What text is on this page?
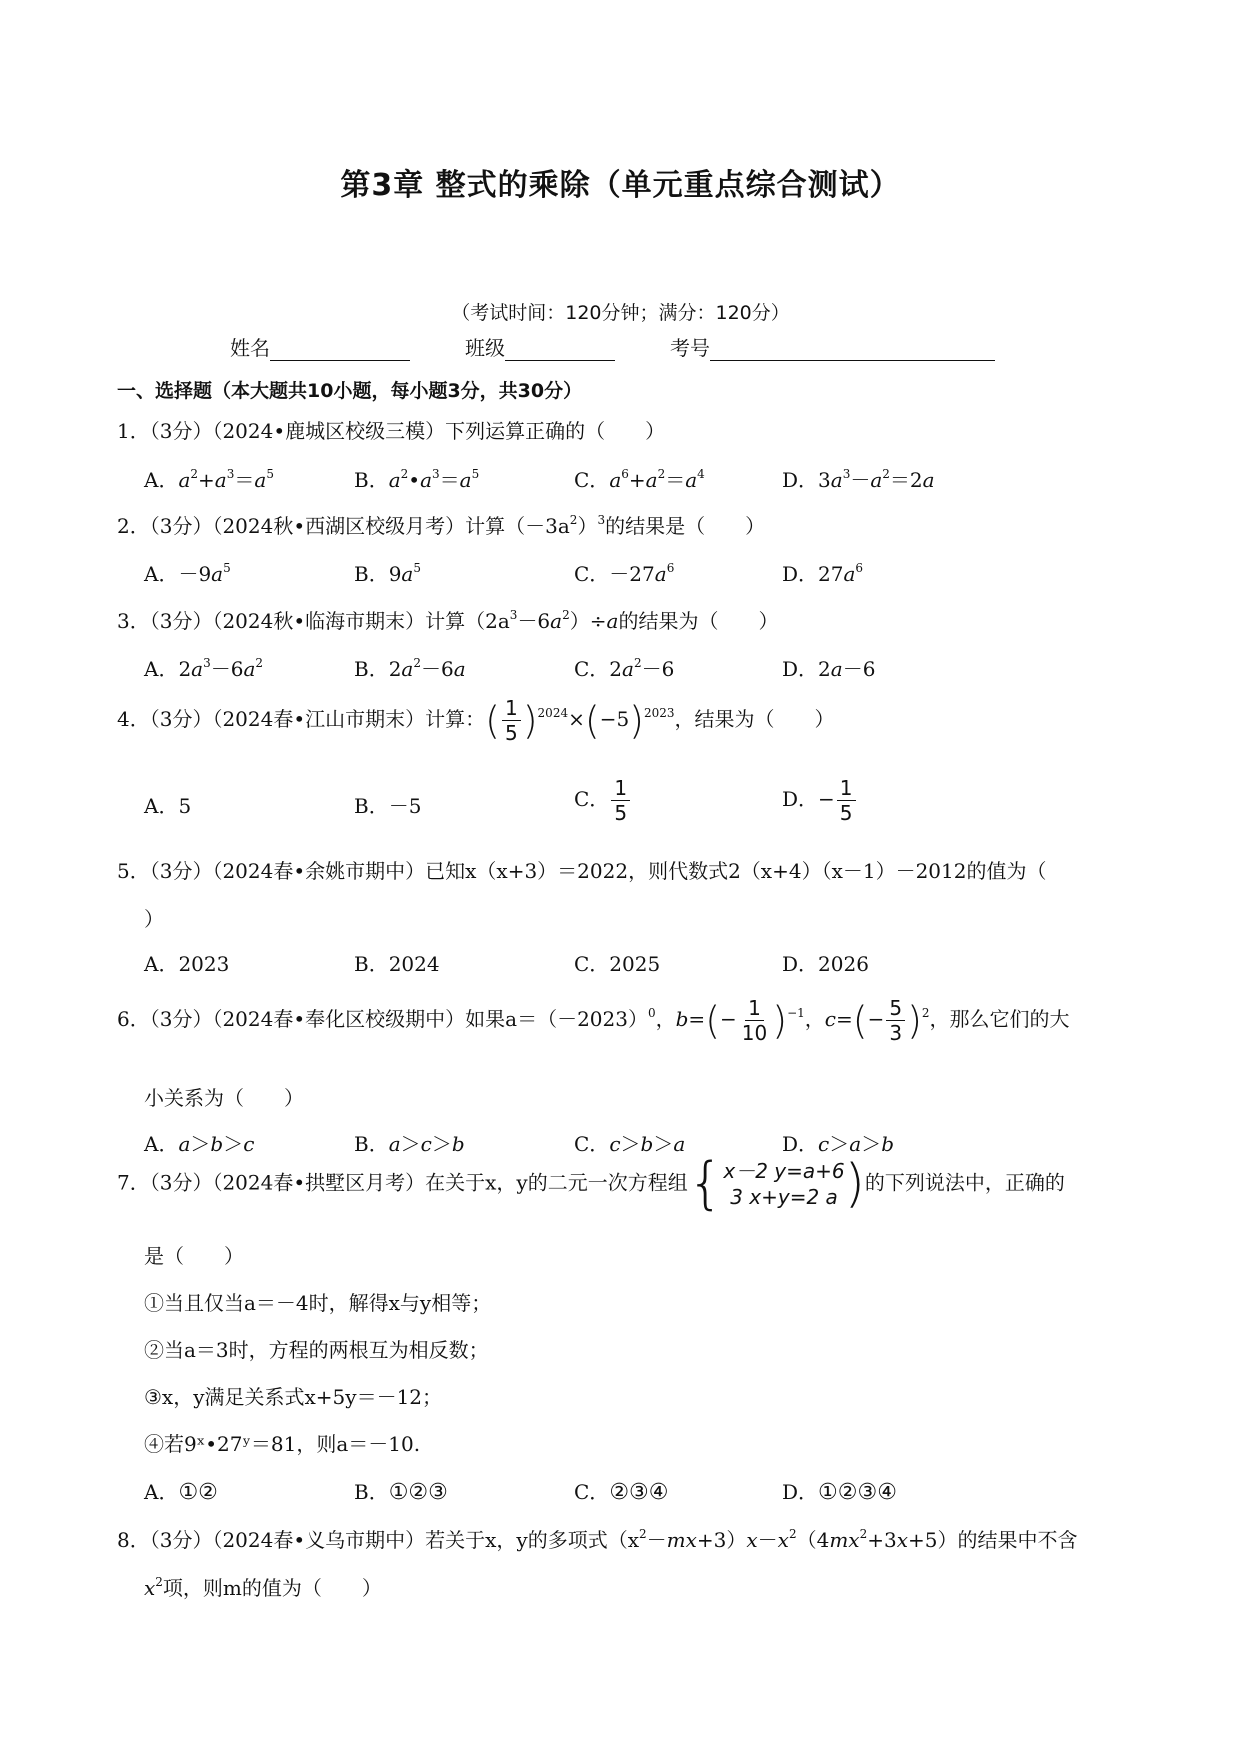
第3章 整式的乘除（单元重点综合测试）
（考试时间：120分钟；满分：120分）
姓名	班级	考号
一、选择题（本大题共10小题，每小题3分，共30分）
1．（3分）（2024•鹿城区校级三模）下列运算正确的（　　）
A．$a^2+a^3=a^5$	B．$a^2•a^3=a^5$	C．$a^6+a^2=a^4$	D．$3a^3-a^2=2a$
2．（3分）（2024秋•西湖区校级月考）计算$(-3a^2)^3$的结果是（　　）
A．$-9a^5$	B．$9a^5$	C．$-27a^6$	D．$27a^6$
3．（3分）（2024秋•临海市期末）计算$(2a^3-6a^2)\div a$的结果为（　　）
A．$2a^3-6a^2$	B．$2a^2-6a$	C．$2a^2-6$	D．2a－6
4．（3分）（2024春•江山市期末）计算：( $\frac{1}{5} )^{2024}\times(-5)^{2023}$，结果为（　　）
A．5	B．－5	C． $\frac{1}{5}$	D．− $\frac{1}{5}$
5．（3分）（2024春•余姚市期中）已知x（x+3）＝2022，则代数式2（x+4）（x－1）－2012的值为（
）
A．2023	B．2024	C．2025	D．2026
6．（3分）（2024春•奉化区校级期中）如果$a=(-2023)^0$，$b=(- \frac{1}{10} )^{-1}$，$c=(- \frac{5}{3} )^2$，那么它们的大
小关系为（　　）
A．a＞b＞c	B．a＞c＞b	C．c＞b＞a	D．c＞a＞b
7．（3分）（2024春•拱墅区月考）在关于x，y的二元一次方程组 { x－2 y=a+6
3 x+y=2 a ) 的下列说法中，正确的
是（　　）
①当且仅当a＝－4时，解得x与y相等；
②当a＝3时，方程的两根互为相反数；
③x，y满足关系式x+5y＝－12；
④若9ˣ•27ʸ＝81，则a＝－10.
A．①②	B．①②③	C．②③④	D．①②③④
8．（3分）（2024春•义乌市期中）若关于x，y的多项式$(x^2-mx+3)x-x^2(4mx^2+3x+5)$的结果中不含
$x^2$项，则m的值为（　　）
